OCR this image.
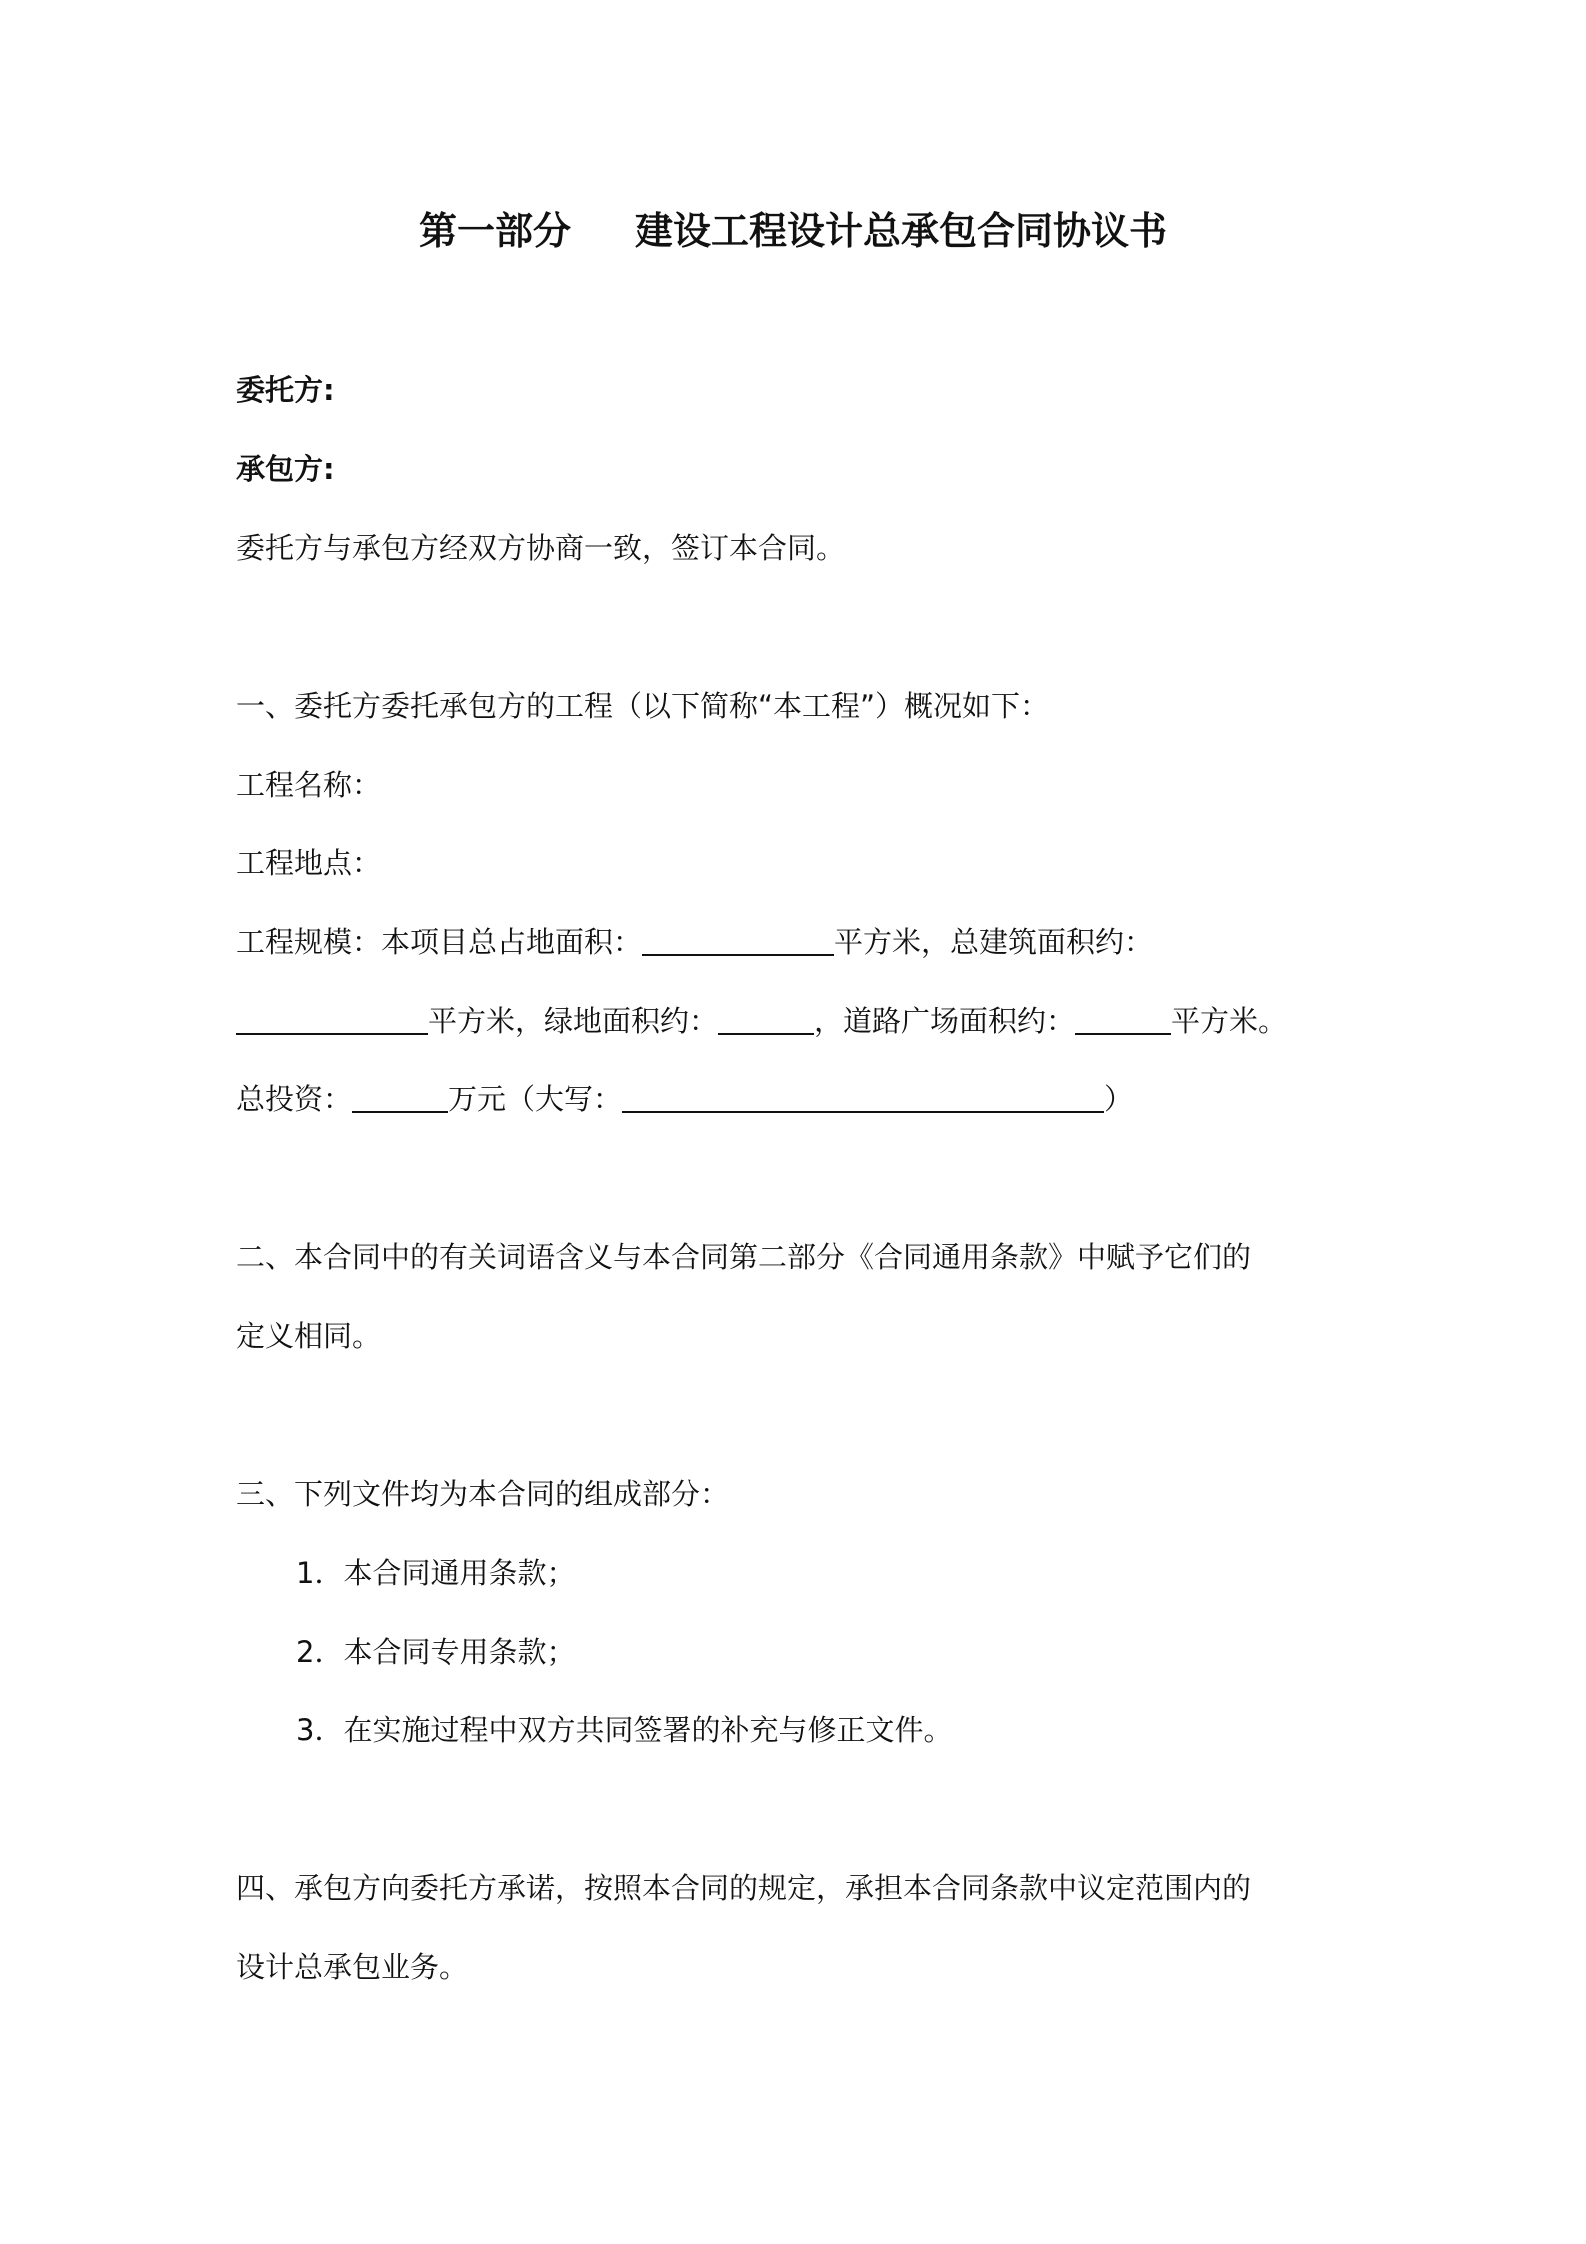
第一部分 建设工程设计总承包合同协议书
委托方:
承包方:
委托方与承包方经双方协商一致，签订本合同。
一、委托方委托承包方的工程（以下简称“本工程”）概况如下：
工程名称：
工程地点：
工程规模：本项目总占地面积：	平方米，总建筑面积约：
平方米，绿地面积约：	，道路广场面积约：	平方米。
总投资：	万元（大写：	）
二、本合同中的有关词语含义与本合同第二部分《合同通用条款》中赋予它们的
定义相同。
三、下列文件均为本合同的组成部分：
1．本合同通用条款；
2．本合同专用条款；
3．在实施过程中双方共同签署的补充与修正文件。
四、承包方向委托方承诺，按照本合同的规定，承担本合同条款中议定范围内的
设计总承包业务。
